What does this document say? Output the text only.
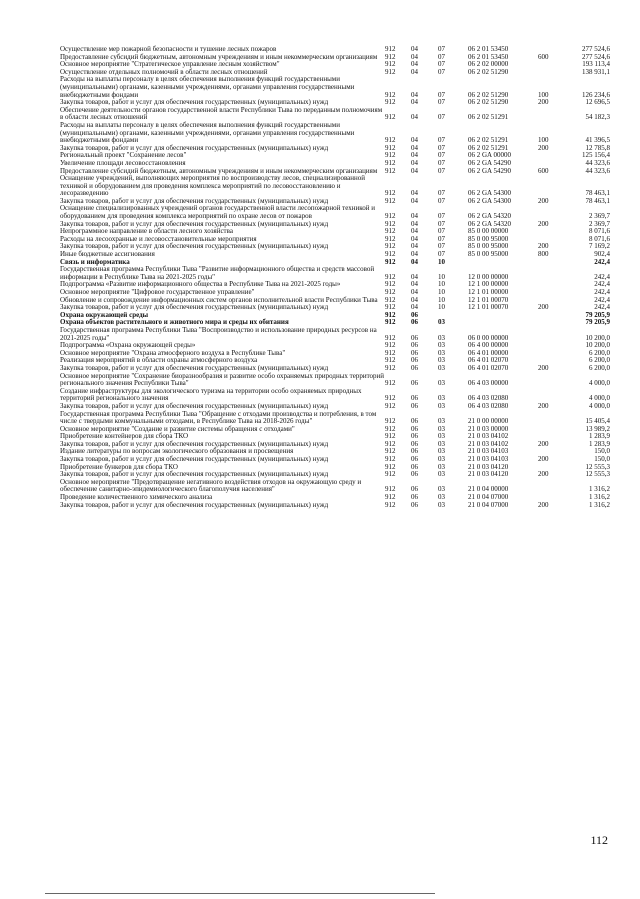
Осуществление мер пожарной безопасности и тушение лесных пожаров	912	04	07	06 2 01 53450		277 524,6
Предоставление субсидий бюджетным, автономным учреждениям и иным некоммерческим организациям	912	04	07	06 2 01 53450	600	277 524,6
Основное мероприятие "Стратегическое управление лесным хозяйством"	912	04	07	06 2 02 00000		193 113,4
Осуществление отдельных полномочий в области лесных отношений	912	04	07	06 2 02 51290		138 931,1
Расходы на выплаты персоналу в целях обеспечения выполнения функций государственными (муниципальными) органами, казенными учреждениями, органами управления государственными внебюджетными фондами	912	04	07	06 2 02 51290	100	126 234,6
Закупка товаров, работ и услуг для обеспечения государственных (муниципальных) нужд	912	04	07	06 2 02 51290	200	12 696,5
Обеспечение деятельности органов государственной власти Республики Тыва по переданным полномочиям в области лесных отношений	912	04	07	06 2 02 51291		54 182,3
Расходы на выплаты персоналу в целях обеспечения выполнения функций государственными (муниципальными) органами, казенными учреждениями, органами управления государственными внебюджетными фондами	912	04	07	06 2 02 51291	100	41 396,5
Закупка товаров, работ и услуг для обеспечения государственных (муниципальных) нужд	912	04	07	06 2 02 51291	200	12 785,8
Региональный проект "Сохранение лесов"	912	04	07	06 2 GA 00000		125 156,4
Увеличение площади лесовосстановления	912	04	07	06 2 GA 54290		44 323,6
Предоставление субсидий бюджетным, автономным учреждениям и иным некоммерческим организациям	912	04	07	06 2 GA 54290	600	44 323,6
Оснащение учреждений, выполняющих мероприятия по воспроизводству лесов, специализированной техникой и оборудованием для проведения комплекса мероприятий по лесовосстановлению и лесоразведению	912	04	07	06 2 GA 54300		78 463,1
Закупка товаров, работ и услуг для обеспечения государственных (муниципальных) нужд	912	04	07	06 2 GA 54300	200	78 463,1
Оснащение специализированных учреждений органов государственной власти лесопожарной техникой и оборудованием для проведения комплекса мероприятий по охране лесов от пожаров	912	04	07	06 2 GA 54320		2 369,7
Закупка товаров, работ и услуг для обеспечения государственных (муниципальных) нужд	912	04	07	06 2 GA 54320	200	2 369,7
Непрограммное направление в области лесного хозяйства	912	04	07	85 0 00 00000		8 071,6
Расходы на лесоохранные и лесовосстановительные мероприятия	912	04	07	85 0 00 95000		8 071,6
Закупка товаров, работ и услуг для обеспечения государственных (муниципальных) нужд	912	04	07	85 0 00 95000	200	7 169,2
Иные бюджетные ассигнования	912	04	07	85 0 00 95000	800	902,4
Связь и информатика	912	04	10			242,4
Государственная программа Республики Тыва "Развитие информационного общества и средств массовой информации в Республике Тыва на 2021-2025 годы"	912	04	10	12 0 00 00000		242,4
Подпрограмма «Развитие информационного общества в Республике Тыва на 2021-2025 годы»	912	04	10	12 1 00 00000		242,4
Основное мероприятие "Цифровое государственное управление"	912	04	10	12 1 01 00000		242,4
Обновление и сопровождение информационных систем органов исполнительной власти Республики Тыва	912	04	10	12 1 01 00070		242,4
Закупка товаров, работ и услуг для обеспечения государственных (муниципальных) нужд	912	04	10	12 1 01 00070	200	242,4
Охрана окружающей среды	912	06				79 205,9
Охрана объектов растительного и животного мира и среды их обитания	912	06	03			79 205,9
Государственная программа Республики Тыва "Воспроизводство и использование природных ресурсов на 2021-2025 годы"	912	06	03	06 0 00 00000		10 200,0
Подпрограмма «Охрана окружающей среды»	912	06	03	06 4 00 00000		10 200,0
Основное мероприятие "Охрана атмосферного воздуха в Республике Тыва"	912	06	03	06 4 01 00000		6 200,0
Реализация мероприятий в области охраны атмосферного воздуха	912	06	03	06 4 01 02070		6 200,0
Закупка товаров, работ и услуг для обеспечения государственных (муниципальных) нужд	912	06	03	06 4 01 02070	200	6 200,0
Основное мероприятие "Сохранение биоразнообразия и развитие особо охраняемых природных территорий регионального значения Республики Тыва"	912	06	03	06 4 03 00000		4 000,0
Создание инфраструктуры для экологического туризма на территории особо охраняемых природных территорий регионального значения	912	06	03	06 4 03 02080		4 000,0
Закупка товаров, работ и услуг для обеспечения государственных (муниципальных) нужд	912	06	03	06 4 03 02080	200	4 000,0
Государственная программа Республики Тыва "Обращение с отходами производства и потребления, в том числе с твердыми коммунальными отходами, в Республике Тыва на 2018-2026 годы"	912	06	03	21 0 00 00000		15 405,4
Основное мероприятие "Создание и развитие системы обращения с отходами"	912	06	03	21 0 03 00000		13 989,2
Приобретение контейнеров для сбора ТКО	912	06	03	21 0 03 04102		1 283,9
Закупка товаров, работ и услуг для обеспечения государственных (муниципальных) нужд	912	06	03	21 0 03 04102	200	1 283,9
Издание литературы по вопросам экологического образования и просвещения	912	06	03	21 0 03 04103		150,0
Закупка товаров, работ и услуг для обеспечения государственных (муниципальных) нужд	912	06	03	21 0 03 04103	200	150,0
Приобретение бункеров для сбора ТКО	912	06	03	21 0 03 04120		12 555,3
Закупка товаров, работ и услуг для обеспечения государственных (муниципальных) нужд	912	06	03	21 0 03 04120	200	12 555,3
Основное мероприятие "Предотвращение негативного воздействия отходов на окружающую среду и обеспечение санитарно-эпидемиологического благополучия населения"	912	06	03	21 0 04 00000		1 316,2
Проведение количественного химического анализа	912	06	03	21 0 04 07000		1 316,2
Закупка товаров, работ и услуг для обеспечения государственных (муниципальных) нужд	912	06	03	21 0 04 07000	200	1 316,2
112
